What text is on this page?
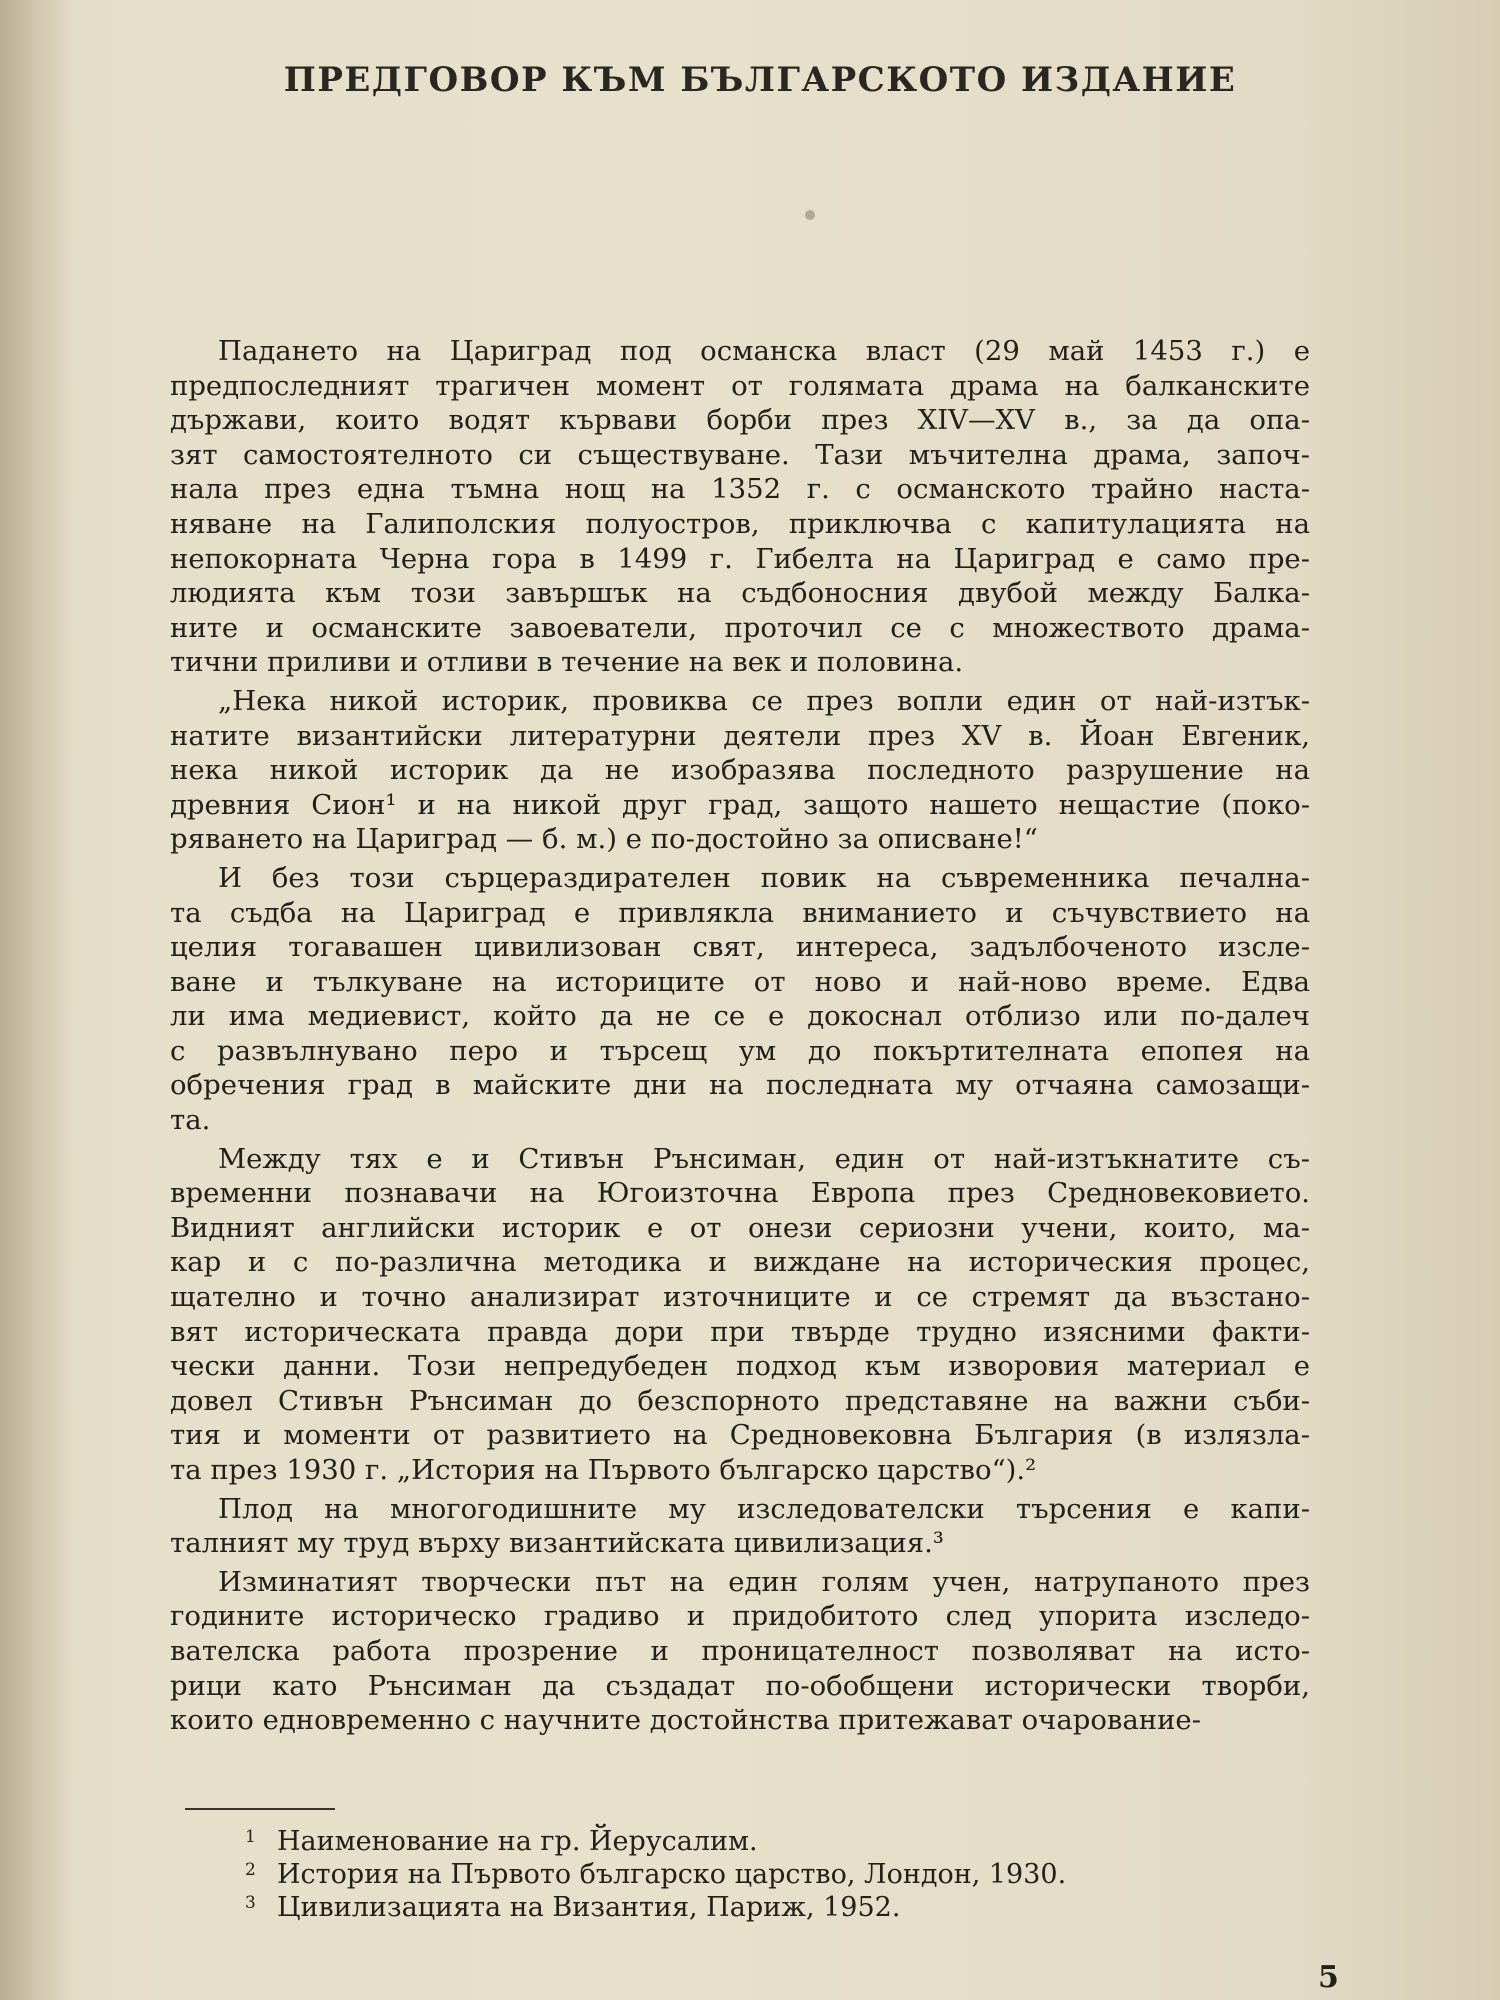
ПРЕДГОВОР КЪМ БЪЛГАРСКОТО ИЗДАНИЕ

Падането на Цариград под османска власт (29 май 1453 г.) е
предпоследният трагичен момент от голямата драма на балканските
държави, които водят кървави борби през XIV—XV в., за да опа-
зят самостоятелното си съществуване. Тази мъчителна драма, започ-
нала през една тъмна нощ на 1352 г. с османското трайно наста-
няване на Галиполския полуостров, приключва с капитулацията на
непокорната Черна гора в 1499 г. Гибелта на Цариград е само пре-
людията към този завършък на съдбоносния двубой между Балка-
ните и османските завоеватели, проточил се с множеството драма-
тични приливи и отливи в течение на век и половина.

„Нека никой историк, провиква се през вопли един от най-изтък-
натите византийски литературни деятели през XV в. Йоан Евгеник,
нека никой историк да не изобразява последното разрушение на
древния Сион¹ и на никой друг град, защото нашето нещастие (поко-
ряването на Цариград — б. м.) е по-достойно за описване!“

И без този сърцераздирателен повик на съвременника печална-
та съдба на Цариград е привлякла вниманието и съчувствието на
целия тогавашен цивилизован свят, интереса, задълбоченото изсле-
ване и тълкуване на историците от ново и най-ново време. Едва
ли има медиевист, който да не се е докоснал отблизо или по-далеч
с развълнувано перо и търсещ ум до покъртителната епопея на
обречения град в майските дни на последната му отчаяна самозащи-
та.

Между тях е и Стивън Рънсиман, един от най-изтъкнатите съ-
временни познавачи на Югоизточна Европа през Средновековието.
Видният английски историк е от онези сериозни учени, които, ма-
кар и с по-различна методика и виждане на историческия процес,
щателно и точно анализират източниците и се стремят да възстано-
вят историческата правда дори при твърде трудно изясними факти-
чески данни. Този непредубеден подход към изворовия материал е
довел Стивън Рънсиман до безспорното представяне на важни съби-
тия и моменти от развитието на Средновековна България (в излязла-
та през 1930 г. „История на Първото българско царство“).²

Плод на многогодишните му изследователски търсения е капи-
талният му труд върху византийската цивилизация.³

Изминатият творчески път на един голям учен, натрупаното през
годините историческо градиво и придобитото след упорита изследо-
вателска работа прозрение и проницателност позволяват на исто-
рици като Рънсиман да създадат по-обобщени исторически творби,
които едновременно с научните достойнства притежават очарование-

$^1$ Наименование на гр. Йерусалим.
$^2$ История на Първото българско царство, Лондон, 1930.
$^3$ Цивилизацията на Византия, Париж, 1952.
5
